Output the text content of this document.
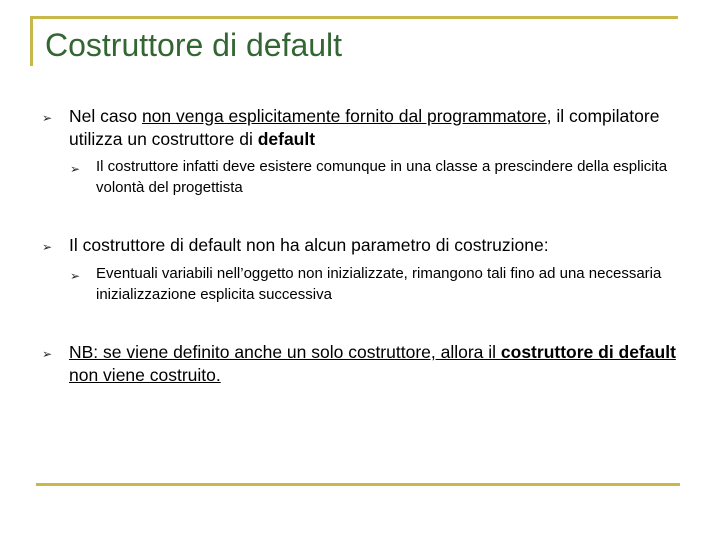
Costruttore di default
➢ Nel caso non venga esplicitamente fornito dal programmatore, il compilatore utilizza un costruttore di default
➢ Il costruttore infatti deve esistere comunque in una classe a prescindere della esplicita volontà del progettista
➢ Il costruttore di default non ha alcun parametro di costruzione:
➢ Eventuali variabili nell’oggetto non inizializzate, rimangono tali fino ad una necessaria inizializzazione esplicita successiva
➢ NB: se viene definito anche un solo costruttore, allora il costruttore di default non viene costruito.
